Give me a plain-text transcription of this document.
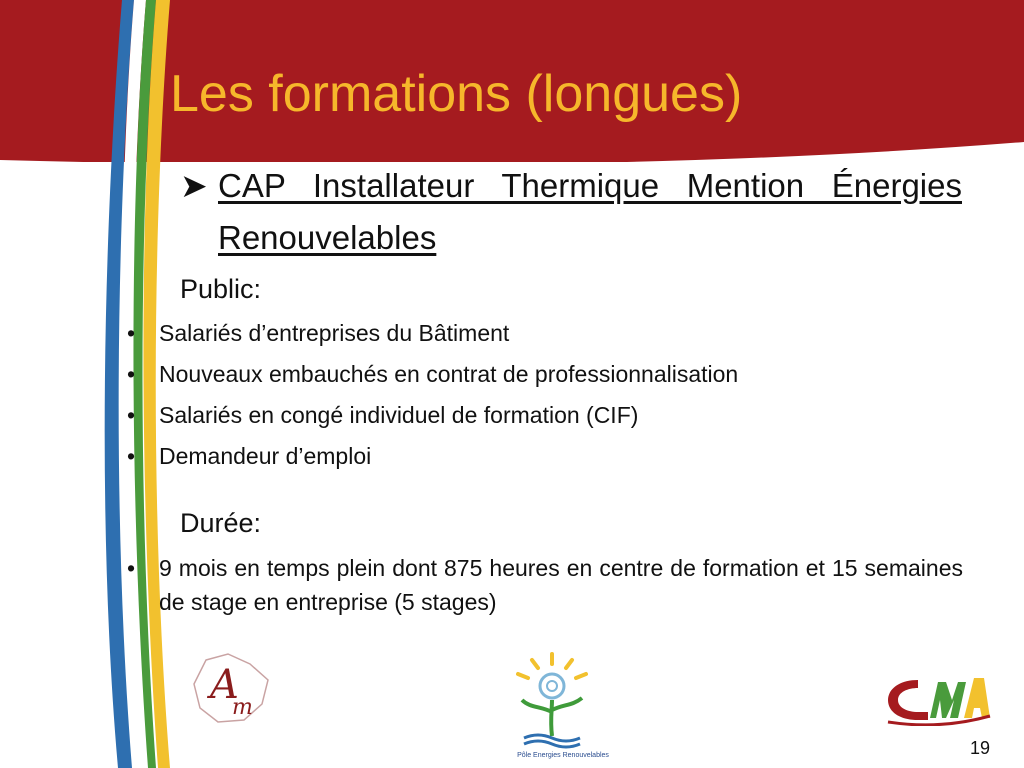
Les formations (longues)
➤ CAP Installateur Thermique Mention Énergies Renouvelables
Public:
• Salariés d’entreprises du Bâtiment
• Nouveaux embauchés en contrat de professionnalisation
• Salariés en congé individuel de formation (CIF)
• Demandeur d’emploi
Durée:
• 9 mois en temps plein dont 875 heures en centre de formation et 15 semaines de stage en entreprise (5 stages)
A
m
Pôle Energies Renouvelables	19
